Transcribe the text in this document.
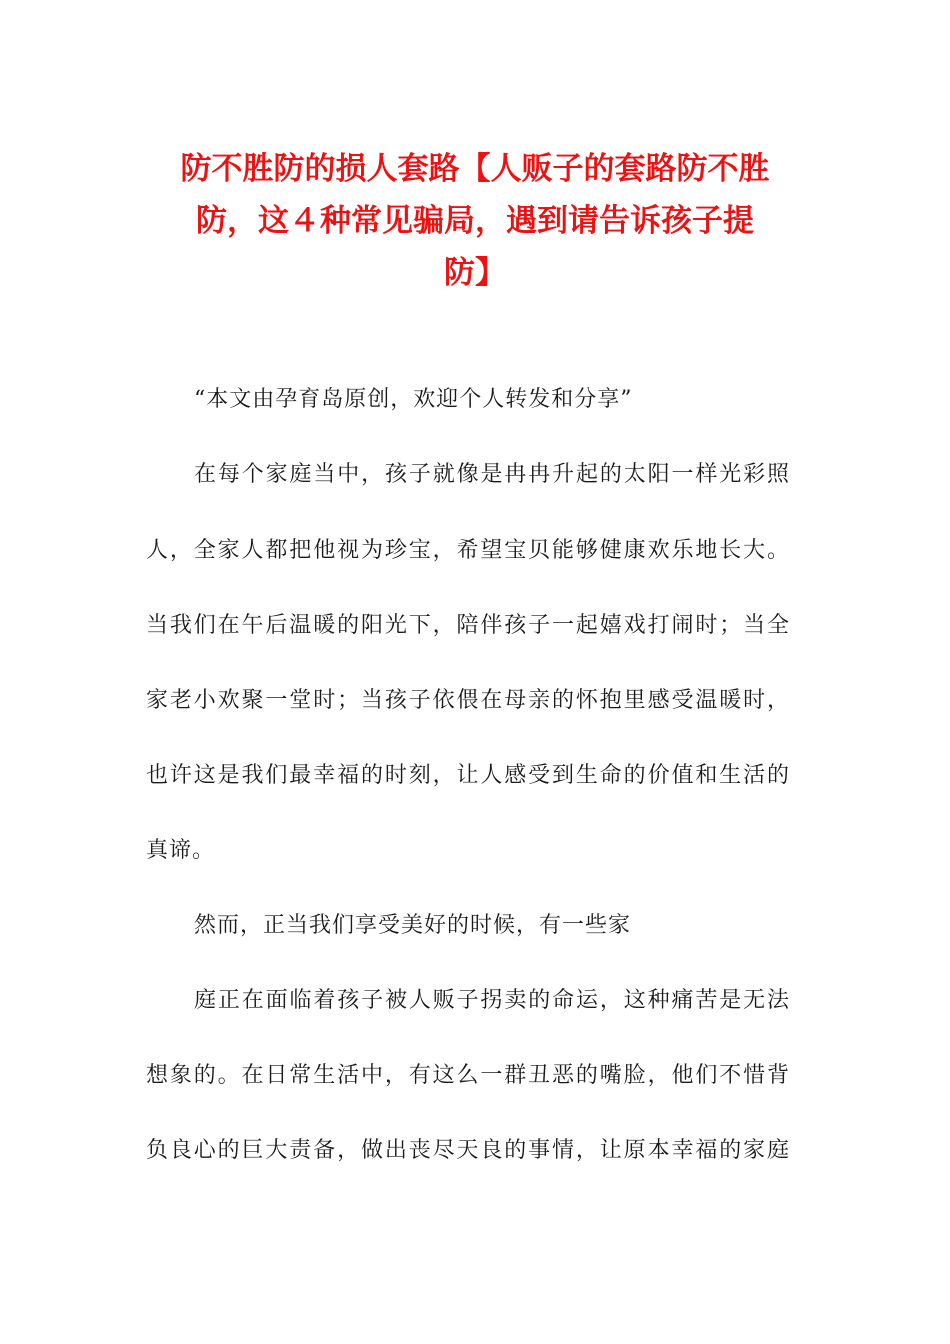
防不胜防的损人套路【人贩子的套路防不胜
防，这４种常见骗局，遇到请告诉孩子提
防】

“本文由孕育岛原创，欢迎个人转发和分享”

在每个家庭当中，孩子就像是冉冉升起的太阳一样光彩照

人，全家人都把他视为珍宝，希望宝贝能够健康欢乐地长大。

当我们在午后温暖的阳光下，陪伴孩子一起嬉戏打闹时；当全

家老小欢聚一堂时；当孩子依偎在母亲的怀抱里感受温暖时，

也许这是我们最幸福的时刻，让人感受到生命的价值和生活的

真谛。

然而，正当我们享受美好的时候，有一些家

庭正在面临着孩子被人贩子拐卖的命运，这种痛苦是无法

想象的。在日常生活中，有这么一群丑恶的嘴脸，他们不惜背

负良心的巨大责备，做出丧尽天良的事情，让原本幸福的家庭
